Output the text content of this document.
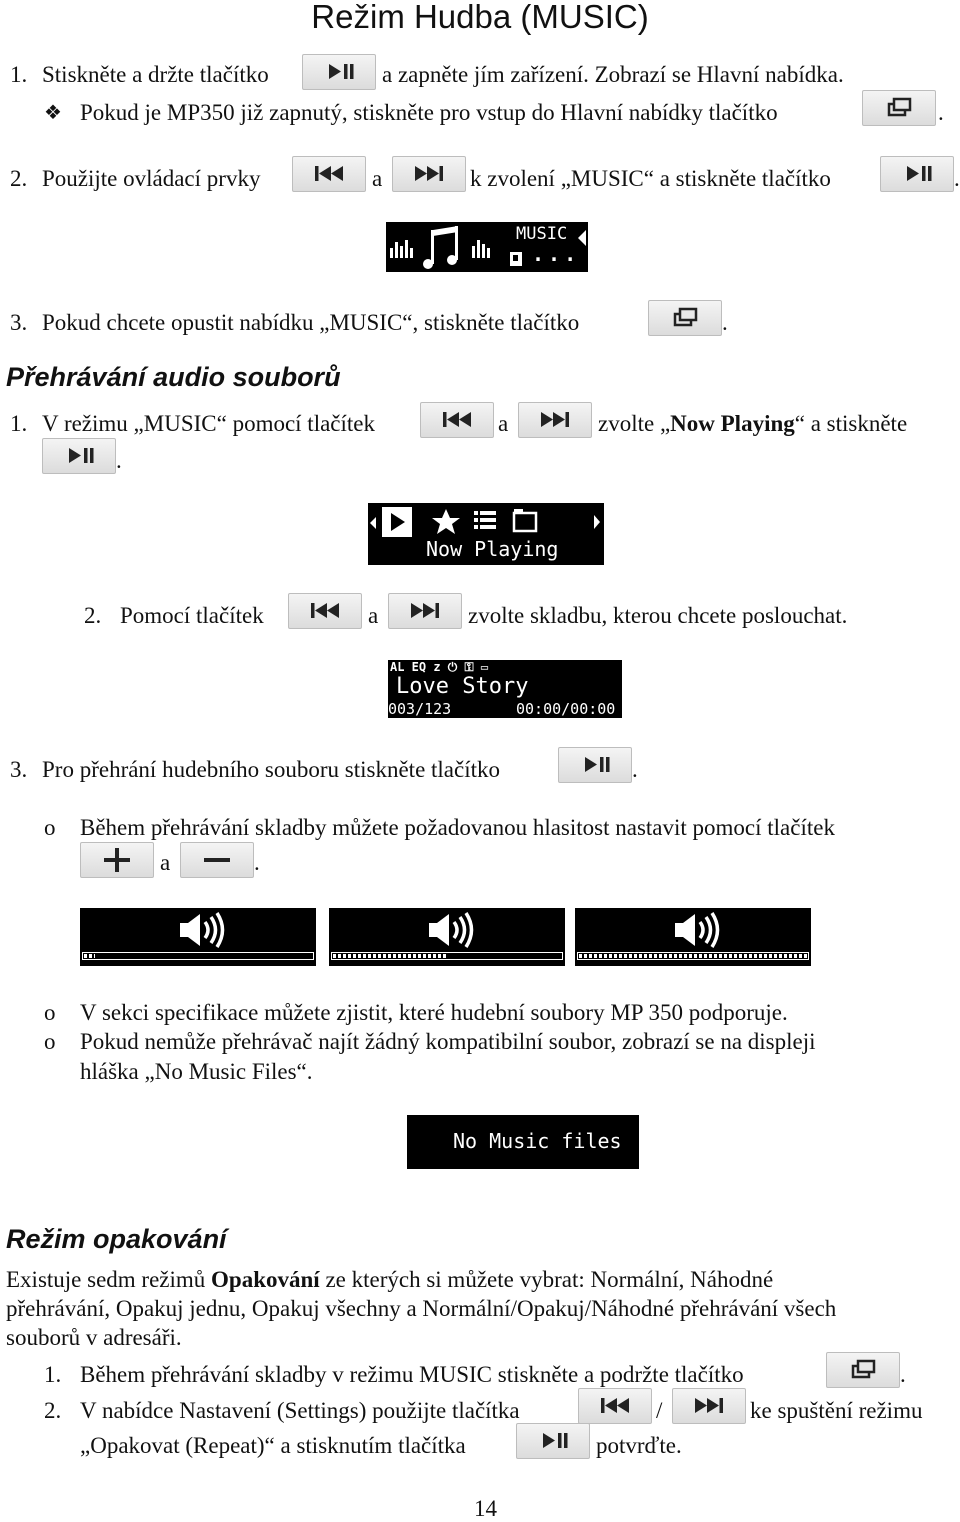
Režim Hudba (MUSIC)
1. Stiskněte a držte tlačítko	a zapněte jím zařízení. Zobrazí se Hlavní nabídka.
❖ Pokud je MP350 již zapnutý, stiskněte pro vstup do Hlavní nabídky tlačítko	.
2. Použijte ovládací prvky	a	k zvolení „MUSIC“ a stiskněte tlačítko	.
MUSIC
...
3. Pokud chcete opustit nabídku „MUSIC“, stiskněte tlačítko	.
Přehrávání audio souborů
1. V režimu „MUSIC“ pomocí tlačítek	a	zvolte „Now Playing“ a stiskněte
.
Now Playing
2. Pomocí tlačítek	a	zvolte skladbu, kterou chcete poslouchat.
AL EQ z ⏻ ⚿ ▭
Love Story
003/123	00:00/00:00
3. Pro přehrání hudebního souboru stiskněte tlačítko	.
o Během přehrávání skladby můžete požadovanou hlasitost nastavit pomocí tlačítek
a	.
o V sekci specifikace můžete zjistit, které hudební soubory MP 350 podporuje.
o Pokud nemůže přehrávač najít žádný kompatibilní soubor, zobrazí se na displeji
hláška „No Music Files“.
No Music files
Režim opakování
Existuje sedm režimů Opakování ze kterých si můžete vybrat: Normální, Náhodné
přehrávání, Opakuj jednu, Opakuj všechny a Normální/Opakuj/Náhodné přehrávání všech
souborů v adresáři.
1. Během přehrávání skladby v režimu MUSIC stiskněte a podržte tlačítko	.
2. V nabídce Nastavení (Settings) použijte tlačítka	/	ke spuštění režimu
„Opakovat (Repeat)“ a stisknutím tlačítka	potvrďte.
14
